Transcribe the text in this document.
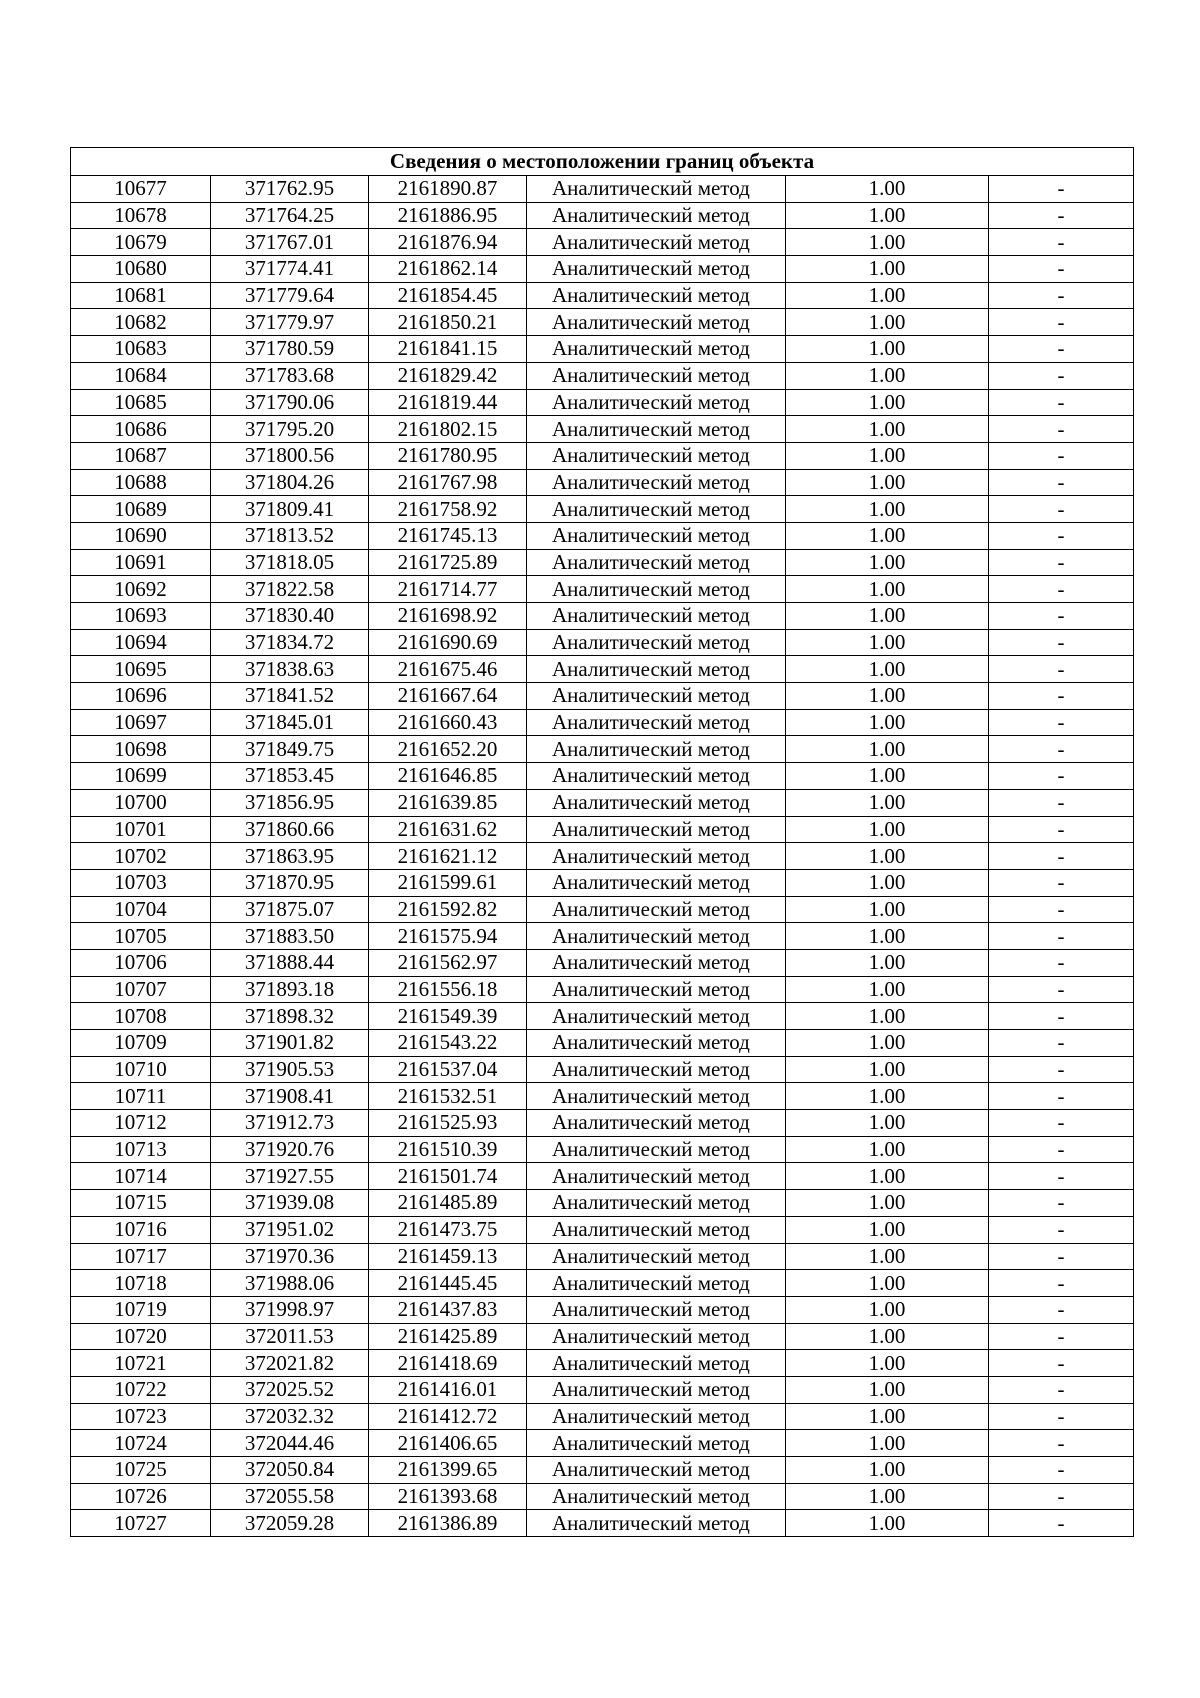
Сведения о местоположении границ объекта					
10677	371762.95	2161890.87	Аналитический метод	1.00	-
10678	371764.25	2161886.95	Аналитический метод	1.00	-
10679	371767.01	2161876.94	Аналитический метод	1.00	-
10680	371774.41	2161862.14	Аналитический метод	1.00	-
10681	371779.64	2161854.45	Аналитический метод	1.00	-
10682	371779.97	2161850.21	Аналитический метод	1.00	-
10683	371780.59	2161841.15	Аналитический метод	1.00	-
10684	371783.68	2161829.42	Аналитический метод	1.00	-
10685	371790.06	2161819.44	Аналитический метод	1.00	-
10686	371795.20	2161802.15	Аналитический метод	1.00	-
10687	371800.56	2161780.95	Аналитический метод	1.00	-
10688	371804.26	2161767.98	Аналитический метод	1.00	-
10689	371809.41	2161758.92	Аналитический метод	1.00	-
10690	371813.52	2161745.13	Аналитический метод	1.00	-
10691	371818.05	2161725.89	Аналитический метод	1.00	-
10692	371822.58	2161714.77	Аналитический метод	1.00	-
10693	371830.40	2161698.92	Аналитический метод	1.00	-
10694	371834.72	2161690.69	Аналитический метод	1.00	-
10695	371838.63	2161675.46	Аналитический метод	1.00	-
10696	371841.52	2161667.64	Аналитический метод	1.00	-
10697	371845.01	2161660.43	Аналитический метод	1.00	-
10698	371849.75	2161652.20	Аналитический метод	1.00	-
10699	371853.45	2161646.85	Аналитический метод	1.00	-
10700	371856.95	2161639.85	Аналитический метод	1.00	-
10701	371860.66	2161631.62	Аналитический метод	1.00	-
10702	371863.95	2161621.12	Аналитический метод	1.00	-
10703	371870.95	2161599.61	Аналитический метод	1.00	-
10704	371875.07	2161592.82	Аналитический метод	1.00	-
10705	371883.50	2161575.94	Аналитический метод	1.00	-
10706	371888.44	2161562.97	Аналитический метод	1.00	-
10707	371893.18	2161556.18	Аналитический метод	1.00	-
10708	371898.32	2161549.39	Аналитический метод	1.00	-
10709	371901.82	2161543.22	Аналитический метод	1.00	-
10710	371905.53	2161537.04	Аналитический метод	1.00	-
10711	371908.41	2161532.51	Аналитический метод	1.00	-
10712	371912.73	2161525.93	Аналитический метод	1.00	-
10713	371920.76	2161510.39	Аналитический метод	1.00	-
10714	371927.55	2161501.74	Аналитический метод	1.00	-
10715	371939.08	2161485.89	Аналитический метод	1.00	-
10716	371951.02	2161473.75	Аналитический метод	1.00	-
10717	371970.36	2161459.13	Аналитический метод	1.00	-
10718	371988.06	2161445.45	Аналитический метод	1.00	-
10719	371998.97	2161437.83	Аналитический метод	1.00	-
10720	372011.53	2161425.89	Аналитический метод	1.00	-
10721	372021.82	2161418.69	Аналитический метод	1.00	-
10722	372025.52	2161416.01	Аналитический метод	1.00	-
10723	372032.32	2161412.72	Аналитический метод	1.00	-
10724	372044.46	2161406.65	Аналитический метод	1.00	-
10725	372050.84	2161399.65	Аналитический метод	1.00	-
10726	372055.58	2161393.68	Аналитический метод	1.00	-
10727	372059.28	2161386.89	Аналитический метод	1.00	-
